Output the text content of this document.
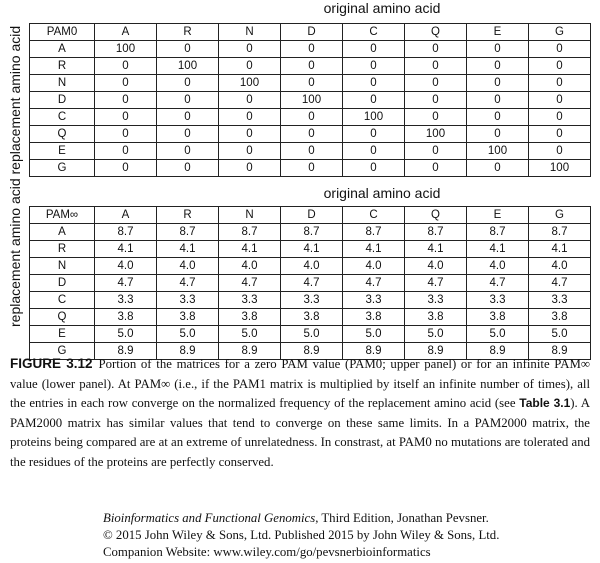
original amino acid
original amino acid
replacement amino acid replacement amino acid	PAM0	A	R	N	D	C	Q	E	G
A	100	0	0	0	0	0	0	0
R	0	100	0	0	0	0	0	0
N	0	0	100	0	0	0	0	0
D	0	0	0	100	0	0	0	0
C	0	0	0	0	100	0	0	0
Q	0	0	0	0	0	100	0	0
E	0	0	0	0	0	0	100	0
G	0	0	0	0	0	0	0	100
PAM∞	A	R	N	D	C	Q	E	G
A	8.7	8.7	8.7	8.7	8.7	8.7	8.7	8.7
R	4.1	4.1	4.1	4.1	4.1	4.1	4.1	4.1
N	4.0	4.0	4.0	4.0	4.0	4.0	4.0	4.0
D	4.7	4.7	4.7	4.7	4.7	4.7	4.7	4.7
C	3.3	3.3	3.3	3.3	3.3	3.3	3.3	3.3
Q	3.8	3.8	3.8	3.8	3.8	3.8	3.8	3.8
E	5.0	5.0	5.0	5.0	5.0	5.0	5.0	5.0
G	8.9	8.9	8.9	8.9	8.9	8.9	8.9	8.9
FIGURE 3.12 Portion of the matrices for a zero PAM value (PAM0; upper panel) or for an infinite PAM∞ value (lower panel). At PAM∞ (i.e., if the PAM1 matrix is multiplied by itself an infinite number of times), all the entries in each row converge on the normalized frequency of the replacement amino acid (see Table 3.1). A PAM2000 matrix has similar values that tend to converge on these same limits. In a PAM2000 matrix, the proteins being compared are at an extreme of unrelatedness. In constrast, at PAM0 no mutations are tolerated and the residues of the proteins are perfectly conserved.
Bioinformatics and Functional Genomics, Third Edition, Jonathan Pevsner.
© 2015 John Wiley & Sons, Ltd. Published 2015 by John Wiley & Sons, Ltd.
Companion Website: www.wiley.com/go/pevsnerbioinformatics
